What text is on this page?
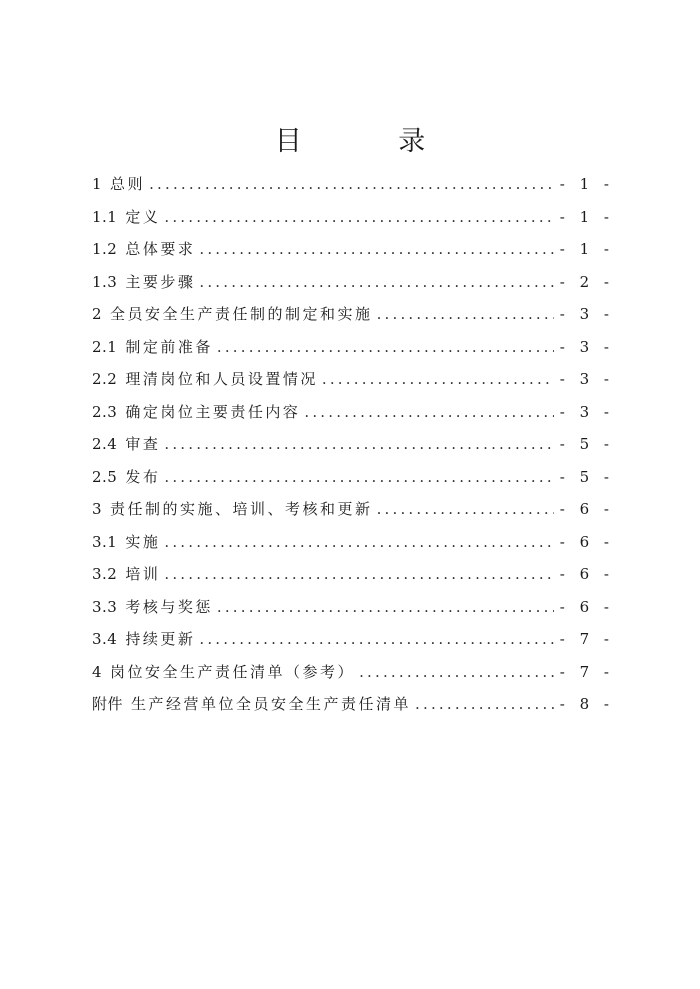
目 录
1 总则 .....	- 1 -
1.1 定义 .....	- 1 -
1.2 总体要求 .....	- 1 -
1.3 主要步骤 .....	- 2 -
2 全员安全生产责任制的制定和实施 .....	- 3 -
2.1 制定前准备 .....	- 3 -
2.2 理清岗位和人员设置情况 .....	- 3 -
2.3 确定岗位主要责任内容 .....	- 3 -
2.4 审查 .....	- 5 -
2.5 发布 .....	- 5 -
3 责任制的实施、培训、考核和更新 .....	- 6 -
3.1 实施 .....	- 6 -
3.2 培训 .....	- 6 -
3.3 考核与奖惩 .....	- 6 -
3.4 持续更新 .....	- 7 -
4 岗位安全生产责任清单（参考） .....	- 7 -
附件 生产经营单位全员安全生产责任清单 .....	- 8 -
